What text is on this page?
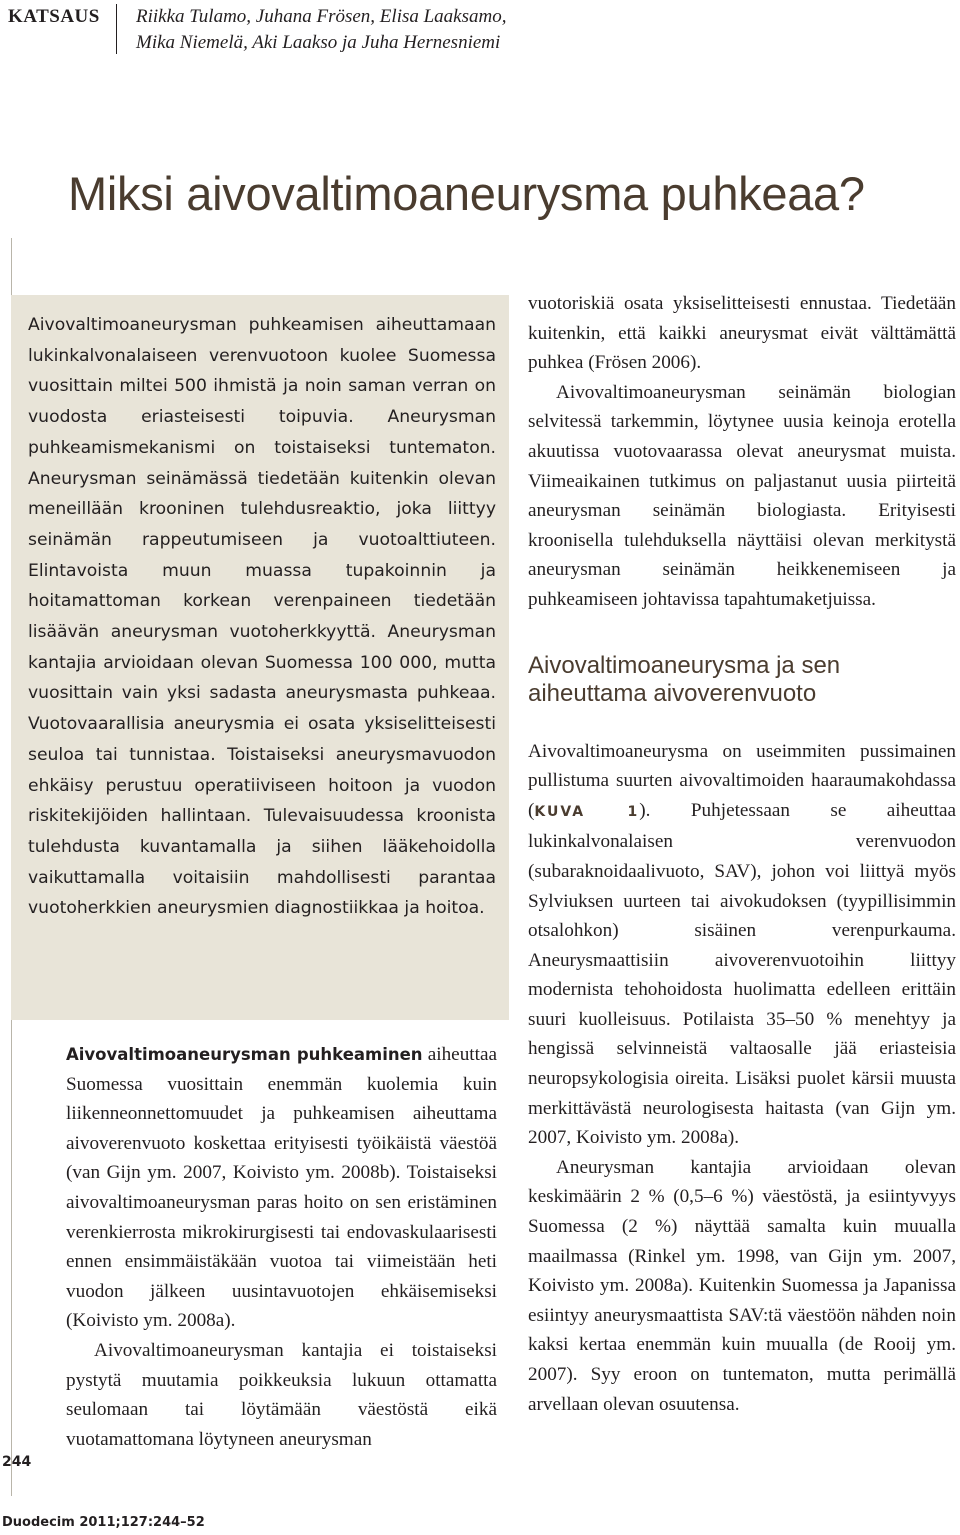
KATSAUS Riikka Tulamo, Juhana Frösen, Elisa Laaksamo,
Mika Niemelä, Aki Laakso ja Juha Hernesniemi
Miksi aivovaltimoaneurysma puhkeaa?
Aivovaltimoaneurysman puhkeamisen aiheuttamaan lukinkalvonalaiseen verenvuotoon kuolee Suomessa vuosittain miltei 500 ihmistä ja noin saman verran on vuodosta eriasteisesti toipuvia. Aneurysman puhkeamismekanismi on toistaiseksi tuntematon. Aneurysman seinämässä tiedetään kuitenkin olevan meneillään krooninen tulehdusreaktio, joka liittyy seinämän rappeutumiseen ja vuotoalttiuteen. Elintavoista muun muassa tupakoinnin ja hoitamattoman korkean verenpaineen tiedetään lisäävän aneurysman vuotoherkkyyttä. Aneurysman kantajia arvioidaan olevan Suomessa 100 000, mutta vuosittain vain yksi sadasta aneurysmasta puhkeaa. Vuotovaarallisia aneurysmia ei osata yksiselitteisesti seuloa tai tunnistaa. Toistaiseksi aneurysmavuodon ehkäisy perustuu operatiiviseen hoitoon ja vuodon riskitekijöiden hallintaan. Tulevaisuudessa kroonista tulehdusta kuvantamalla ja siihen lääkehoidolla vaikuttamalla voitaisiin mahdollisesti parantaa vuotoherkkien aneurysmien diagnostiikkaa ja hoitoa.

Aivovaltimoaneurysman puhkeaminen aiheuttaa Suomessa vuosittain enemmän kuolemia kuin liikenneonnettomuudet ja puhkeamisen aiheuttama aivoverenvuoto koskettaa erityisesti työikäistä väestöä (van Gijn ym. 2007, Koivisto ym. 2008b). Toistaiseksi aivovaltimoaneurysman paras hoito on sen eristäminen verenkierrosta mikrokirurgisesti tai endovaskulaarisesti ennen ensimmäistäkään vuotoa tai viimeistään heti vuodon jälkeen uusintavuotojen ehkäisemiseksi (Koivisto ym. 2008a).

Aivovaltimoaneurysman kantajia ei toistaiseksi pystytä muutamia poikkeuksia lukuun ottamatta seulomaan tai löytämään väestöstä eikä vuotamattomana löytyneen aneurysman

vuotoriskiä osata yksiselitteisesti ennustaa. Tiedetään kuitenkin, että kaikki aneurysmat eivät välttämättä puhkea (Frösen 2006).

Aivovaltimoaneurysman seinämän biologian selvitessä tarkemmin, löytynee uusia keinoja erotella akuutissa vuotovaarassa olevat aneurysmat muista. Viimeaikainen tutkimus on paljastanut uusia piirteitä aneurysman seinämän biologiasta. Erityisesti kroonisella tulehduksella näyttäisi olevan merkitystä aneurysman seinämän heikkenemiseen ja puhkeamiseen johtavissa tapahtumaketjuissa.

Aivovaltimoaneurysma ja sen
aiheuttama aivoverenvuoto

Aivovaltimoaneurysma on useimmiten pussimainen pullistuma suurten aivovaltimoiden haaraumakohdassa (KUVA 1). Puhjetessaan se aiheuttaa lukinkalvonalaisen verenvuodon (subaraknoidaalivuoto, SAV), johon voi liittyä myös Sylviuksen uurteen tai aivokudoksen (tyypillisimmin otsalohkon) sisäinen verenpurkauma. Aneurysmaattisiin aivoverenvuotoihin liittyy modernista tehohoidosta huolimatta edelleen erittäin suuri kuolleisuus. Potilaista 35–50 % menehtyy ja hengissä selvinneistä valtaosalle jää eriasteisia neuropsykologisia oireita. Lisäksi puolet kärsii muusta merkittävästä neurologisesta haitasta (van Gijn ym. 2007, Koivisto ym. 2008a).

Aneurysman kantajia arvioidaan olevan keskimäärin 2 % (0,5–6 %) väestöstä, ja esiintyvyys Suomessa (2 %) näyttää samalta kuin muualla maailmassa (Rinkel ym. 1998, van Gijn ym. 2007, Koivisto ym. 2008a). Kuitenkin Suomessa ja Japanissa esiintyy aneurysmaattista SAV:tä väestöön nähden noin kaksi kertaa enemmän kuin muualla (de Rooij ym. 2007). Syy eroon on tuntematon, mutta perimällä arvellaan olevan osuutensa.

244
Duodecim 2011;127:244–52
